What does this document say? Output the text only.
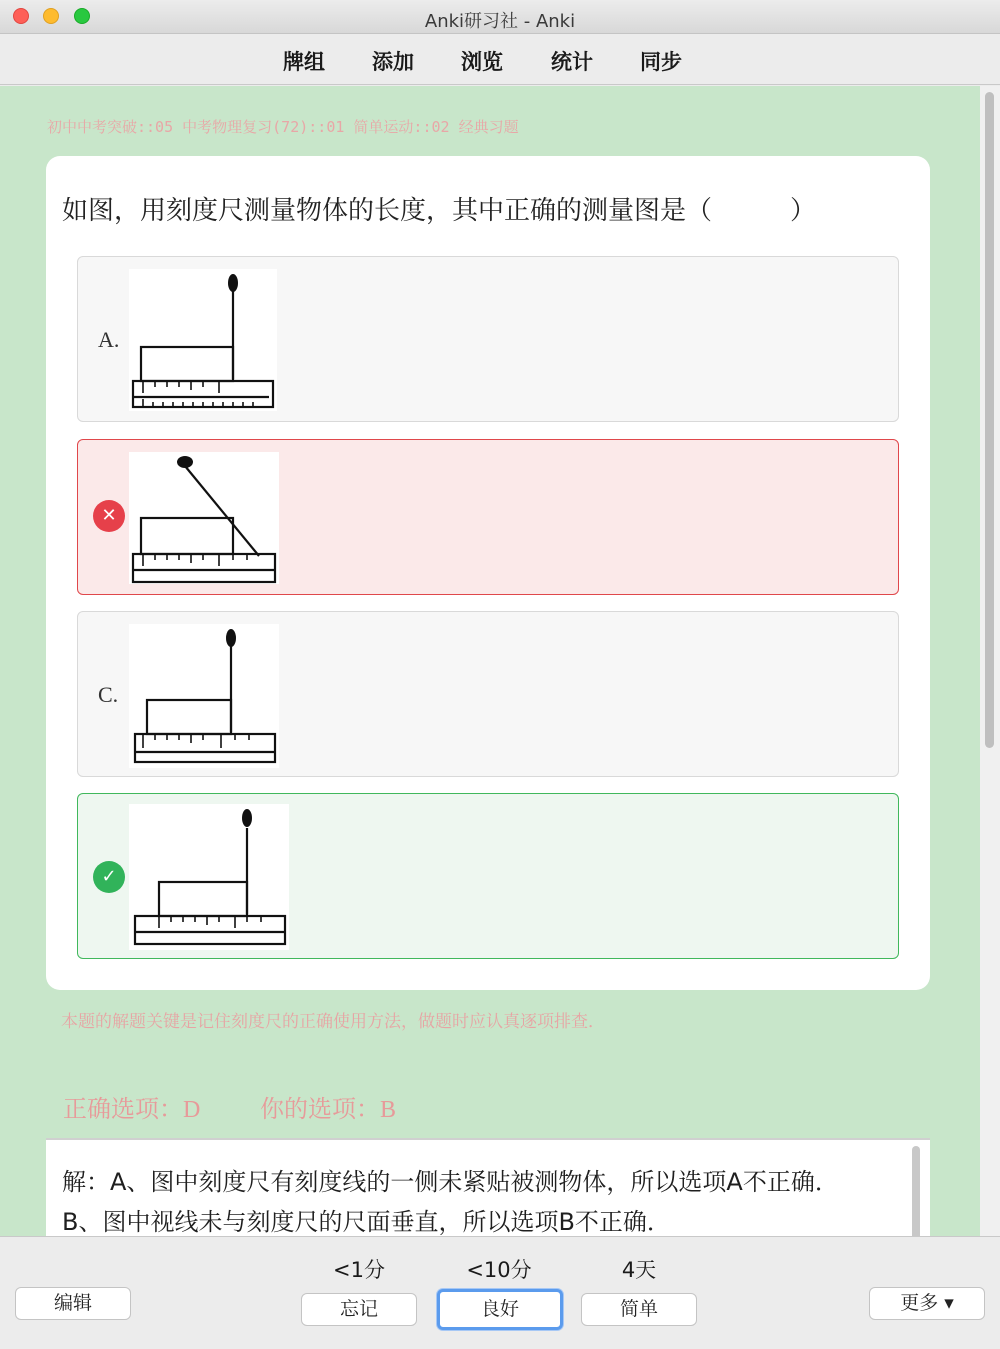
Anki研习社 - Anki
牌组 添加 浏览 统计 同步
初中中考突破::05 中考物理复习(72)::01 简单运动::02 经典习题
如图，用刻度尺测量物体的长度，其中正确的测量图是（　　　）
A.
✕
C.
✓
本题的解题关键是记住刻度尺的正确使用方法，做题时应认真逐项排查．
正确选项：D 你的选项：B
解：A、图中刻度尺有刻度线的一侧未紧贴被测物体，所以选项A不正确．
B、图中视线未与刻度尺的尺面垂直，所以选项B不正确．
编辑
<1分
忘记
<10分
良好
4天
简单	更多 ▾
